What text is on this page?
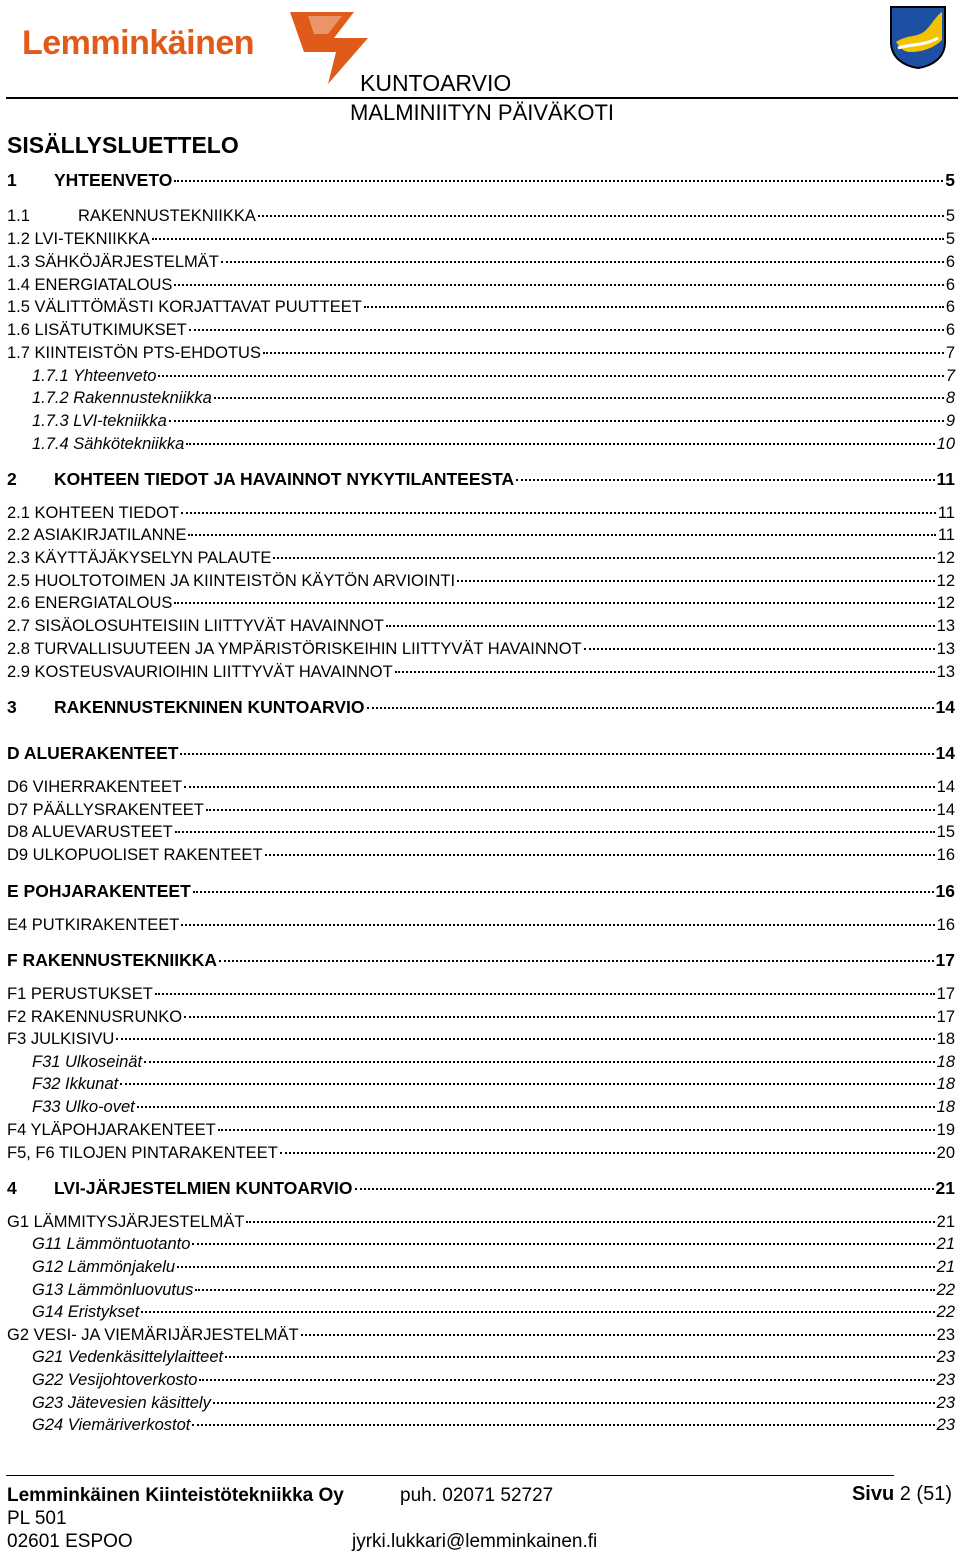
Lemminkäinen
KUNTOARVIO
MALMINIITYN PÄIVÄKOTI
SISÄLLYSLUETTELO
1 YHTEENVETO	5
1.1	RAKENNUSTEKNIIKKA	5
1.2 LVI-TEKNIIKKA	5
1.3 SÄHKÖJÄRJESTELMÄT	6
1.4 ENERGIATALOUS	6
1.5 VÄLITTÖMÄSTI KORJATTAVAT PUUTTEET	6
1.6 LISÄTUTKIMUKSET	6
1.7 KIINTEISTÖN PTS-EHDOTUS	7
1.7.1 Yhteenveto	7
1.7.2 Rakennustekniikka	8
1.7.3 LVI-tekniikka	9
1.7.4 Sähkötekniikka	10
2 KOHTEEN TIEDOT JA HAVAINNOT NYKYTILANTEESTA	11
2.1 KOHTEEN TIEDOT	11
2.2 ASIAKIRJATILANNE	11
2.3 KÄYTTÄJÄKYSELYN PALAUTE	12
2.5 HUOLTOTOIMEN JA KIINTEISTÖN KÄYTÖN ARVIOINTI	12
2.6 ENERGIATALOUS	12
2.7 SISÄOLOSUHTEISIIN LIITTYVÄT HAVAINNOT	13
2.8 TURVALLISUUTEEN JA YMPÄRISTÖRISKEIHIN LIITTYVÄT HAVAINNOT	13
2.9 KOSTEUSVAURIOIHIN LIITTYVÄT HAVAINNOT	13
3 RAKENNUSTEKNINEN KUNTOARVIO	14
D ALUERAKENTEET	14
D6 VIHERRAKENTEET	14
D7 PÄÄLLYSRAKENTEET	14
D8 ALUEVARUSTEET	15
D9 ULKOPUOLISET RAKENTEET	16
E POHJARAKENTEET	16
E4 PUTKIRAKENTEET	16
F RAKENNUSTEKNIIKKA	17
F1 PERUSTUKSET	17
F2 RAKENNUSRUNKO	17
F3 JULKISIVU	18
F31 Ulkoseinät	18
F32 Ikkunat	18
F33 Ulko-ovet	18
F4 YLÄPOHJARAKENTEET	19
F5, F6 TILOJEN PINTARAKENTEET	20
4 LVI-JÄRJESTELMIEN KUNTOARVIO	21
G1 LÄMMITYSJÄRJESTELMÄT	21
G11 Lämmöntuotanto	21
G12 Lämmönjakelu	21
G13 Lämmönluovutus	22
G14 Eristykset	22
G2 VESI- JA VIEMÄRIJÄRJESTELMÄT	23
G21 Vedenkäsittelylaitteet	23
G22 Vesijohtoverkosto	23
G23 Jätevesien käsittely	23
G24 Viemäriverkostot	23
Lemminkäinen Kiinteistötekniikka Oy	puh. 02071 52727	Sivu 2 (51)
PL 501
02601 ESPOO	jyrki.lukkari@lemminkainen.fi
